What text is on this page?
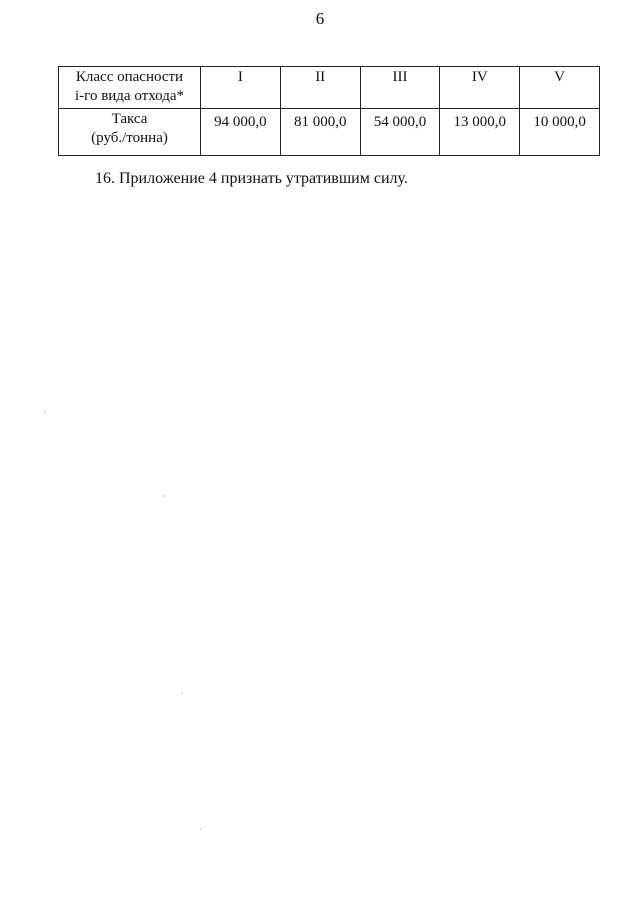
6
Класс опасности
i-го вида отхода*	I	II	III	IV	V

Такса
(руб./тонна)	94 000,0	81 000,0	54 000,0	13 000,0	10 000,0
16. Приложение 4 признать утратившим силу.
